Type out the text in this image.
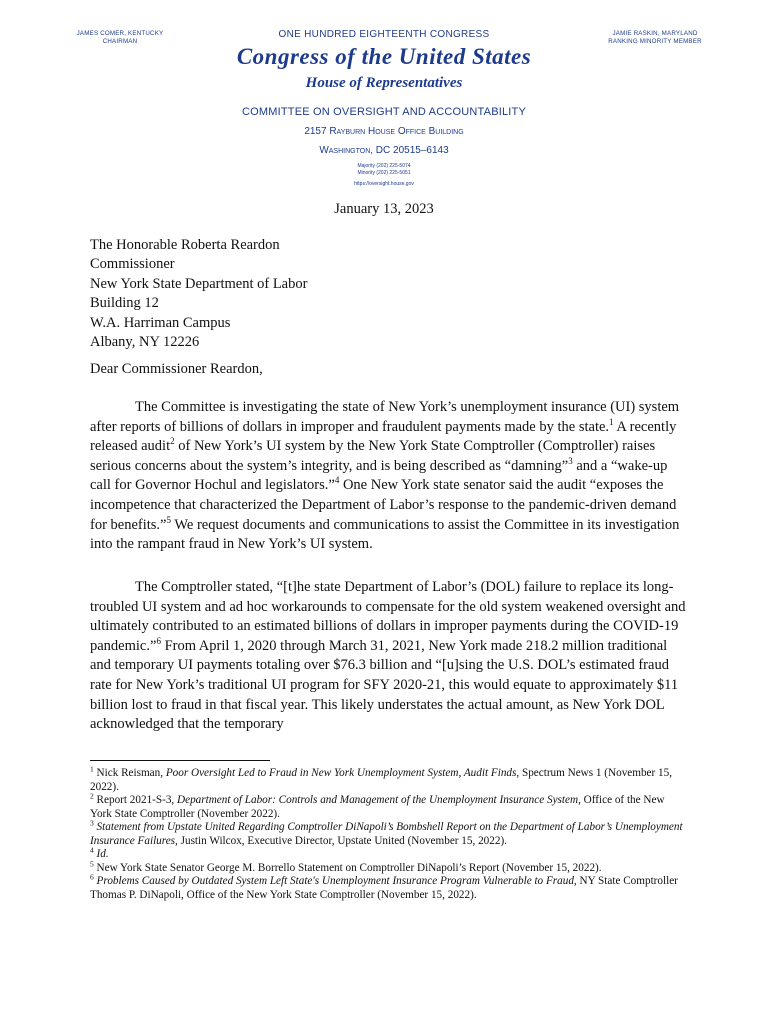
JAMES COMER, KENTUCKY
CHAIRMAN
JAMIE RASKIN, MARYLAND
RANKING MINORITY MEMBER
ONE HUNDRED EIGHTEENTH CONGRESS
Congress of the United States
House of Representatives
COMMITTEE ON OVERSIGHT AND ACCOUNTABILITY
2157 Rayburn House Office Building
Washington, DC 20515–6143
Majority (202) 225-5074
Minority (202) 225-5051
https://oversight.house.gov
January 13, 2023
The Honorable Roberta Reardon
Commissioner
New York State Department of Labor
Building 12
W.A. Harriman Campus
Albany, NY 12226
Dear Commissioner Reardon,
The Committee is investigating the state of New York’s unemployment insurance (UI) system after reports of billions of dollars in improper and fraudulent payments made by the state.$^1$ A recently released audit$^2$ of New York’s UI system by the New York State Comptroller (Comptroller) raises serious concerns about the system’s integrity, and is being described as “damning”$^3$ and a “wake-up call for Governor Hochul and legislators.”$^4$ One New York state senator said the audit “exposes the incompetence that characterized the Department of Labor’s response to the pandemic-driven demand for benefits.”$^5$ We request documents and communications to assist the Committee in its investigation into the rampant fraud in New York’s UI system.
The Comptroller stated, “[t]he state Department of Labor’s (DOL) failure to replace its long-troubled UI system and ad hoc workarounds to compensate for the old system weakened oversight and ultimately contributed to an estimated billions of dollars in improper payments during the COVID-19 pandemic.”$^6$ From April 1, 2020 through March 31, 2021, New York made 218.2 million traditional and temporary UI payments totaling over $76.3 billion and “[u]sing the U.S. DOL’s estimated fraud rate for New York’s traditional UI program for SFY 2020-21, this would equate to approximately $11 billion lost to fraud in that fiscal year. This likely understates the actual amount, as New York DOL acknowledged that the temporary
$^1$ Nick Reisman, Poor Oversight Led to Fraud in New York Unemployment System, Audit Finds, Spectrum News 1 (November 15, 2022).
$^2$ Report 2021-S-3, Department of Labor: Controls and Management of the Unemployment Insurance System, Office of the New York State Comptroller (November 2022).
$^3$ Statement from Upstate United Regarding Comptroller DiNapoli’s Bombshell Report on the Department of Labor’s Unemployment Insurance Failures, Justin Wilcox, Executive Director, Upstate United (November 15, 2022).
$^4$ Id.
$^5$ New York State Senator George M. Borrello Statement on Comptroller DiNapoli’s Report (November 15, 2022).
$^6$ Problems Caused by Outdated System Left State's Unemployment Insurance Program Vulnerable to Fraud, NY State Comptroller Thomas P. DiNapoli, Office of the New York State Comptroller (November 15, 2022).
